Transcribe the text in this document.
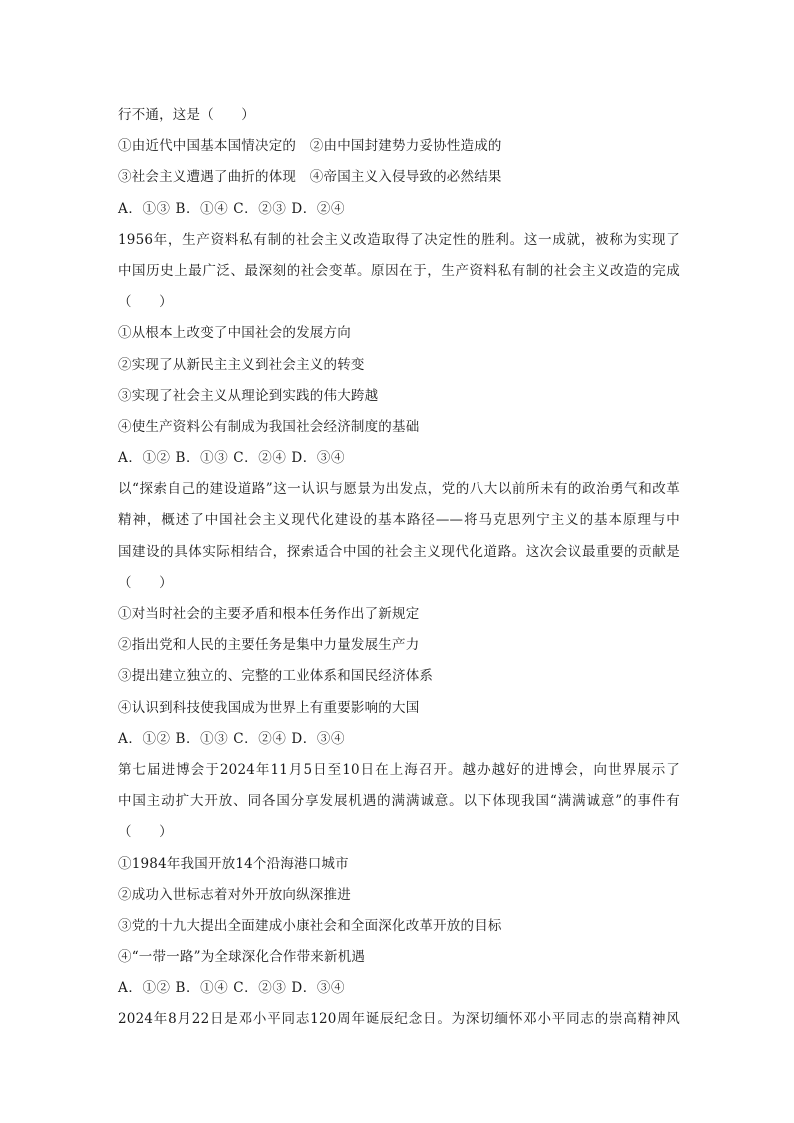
行不通，这是（　　）
①由近代中国基本国情决定的　②由中国封建势力妥协性造成的
③社会主义遭遇了曲折的体现　④帝国主义入侵导致的必然结果
A．①③ B．①④ C．②③ D．②④
1956年，生产资料私有制的社会主义改造取得了决定性的胜利。这一成就，被称为实现了
中国历史上最广泛、最深刻的社会变革。原因在于，生产资料私有制的社会主义改造的完成
（　　）
①从根本上改变了中国社会的发展方向
②实现了从新民主主义到社会主义的转变
③实现了社会主义从理论到实践的伟大跨越
④使生产资料公有制成为我国社会经济制度的基础
A．①② B．①③ C．②④ D．③④
以“探索自己的建设道路”这一认识与愿景为出发点，党的八大以前所未有的政治勇气和改革
精神，概述了中国社会主义现代化建设的基本路径——将马克思列宁主义的基本原理与中
国建设的具体实际相结合，探索适合中国的社会主义现代化道路。这次会议最重要的贡献是
（　　）
①对当时社会的主要矛盾和根本任务作出了新规定
②指出党和人民的主要任务是集中力量发展生产力
③提出建立独立的、完整的工业体系和国民经济体系
④认识到科技使我国成为世界上有重要影响的大国
A．①② B．①③ C．②④ D．③④
第七届进博会于2024年11月5日至10日在上海召开。越办越好的进博会，向世界展示了
中国主动扩大开放、同各国分享发展机遇的满满诚意。以下体现我国“满满诚意”的事件有
（　　）
①1984年我国开放14个沿海港口城市
②成功入世标志着对外开放向纵深推进
③党的十九大提出全面建成小康社会和全面深化改革开放的目标
④“一带一路”为全球深化合作带来新机遇
A．①② B．①④ C．②③ D．③④
2024年8月22日是邓小平同志120周年诞辰纪念日。为深切缅怀邓小平同志的崇高精神风
